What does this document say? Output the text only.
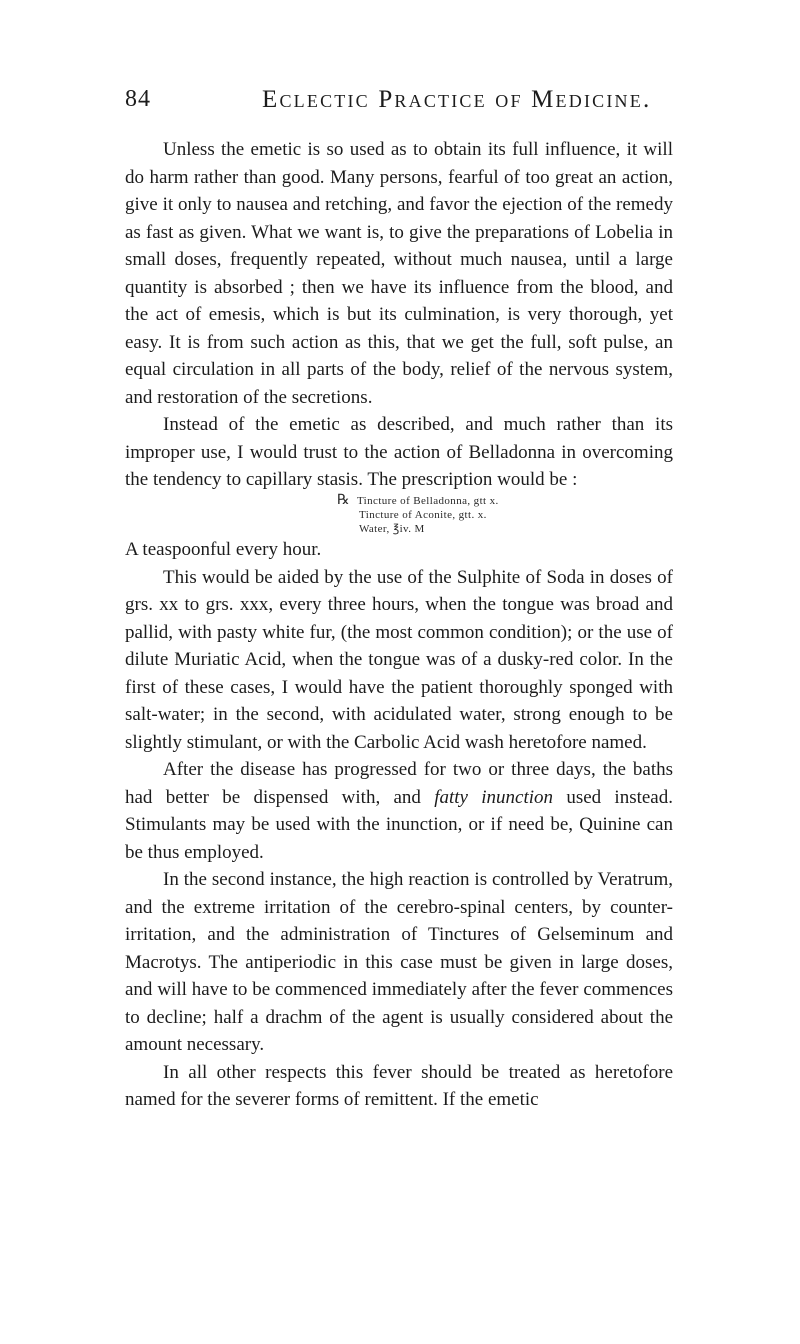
84	Eclectic Practice of Medicine.

Unless the emetic is so used as to obtain its full influence, it will do harm rather than good. Many persons, fearful of too great an action, give it only to nausea and retching, and favor the ejection of the remedy as fast as given. What we want is, to give the preparations of Lobelia in small doses, frequently repeated, without much nausea, until a large quantity is absorbed ; then we have its influence from the blood, and the act of emesis, which is but its culmination, is very thorough, yet easy. It is from such action as this, that we get the full, soft pulse, an equal circulation in all parts of the body, relief of the nervous system, and restoration of the secretions.

Instead of the emetic as described, and much rather than its improper use, I would trust to the action of Belladonna in overcoming the tendency to capillary stasis. The prescription would be :

℞ Tincture of Belladonna, gtt x.
Tincture of Aconite, gtt. x.
Water, ℥iv. M

A teaspoonful every hour.

This would be aided by the use of the Sulphite of Soda in doses of grs. xx to grs. xxx, every three hours, when the tongue was broad and pallid, with pasty white fur, (the most common condition); or the use of dilute Muriatic Acid, when the tongue was of a dusky-red color. In the first of these cases, I would have the patient thoroughly sponged with salt-water; in the second, with acidulated water, strong enough to be slightly stimulant, or with the Carbolic Acid wash heretofore named.

After the disease has progressed for two or three days, the baths had better be dispensed with, and fatty inunction used instead. Stimulants may be used with the inunction, or if need be, Quinine can be thus employed.

In the second instance, the high reaction is controlled by Veratrum, and the extreme irritation of the cerebro-spinal centers, by counter-irritation, and the administration of Tinctures of Gelseminum and Macrotys. The antiperiodic in this case must be given in large doses, and will have to be commenced immediately after the fever commences to decline; half a drachm of the agent is usually considered about the amount necessary.

In all other respects this fever should be treated as heretofore named for the severer forms of remittent. If the emetic
